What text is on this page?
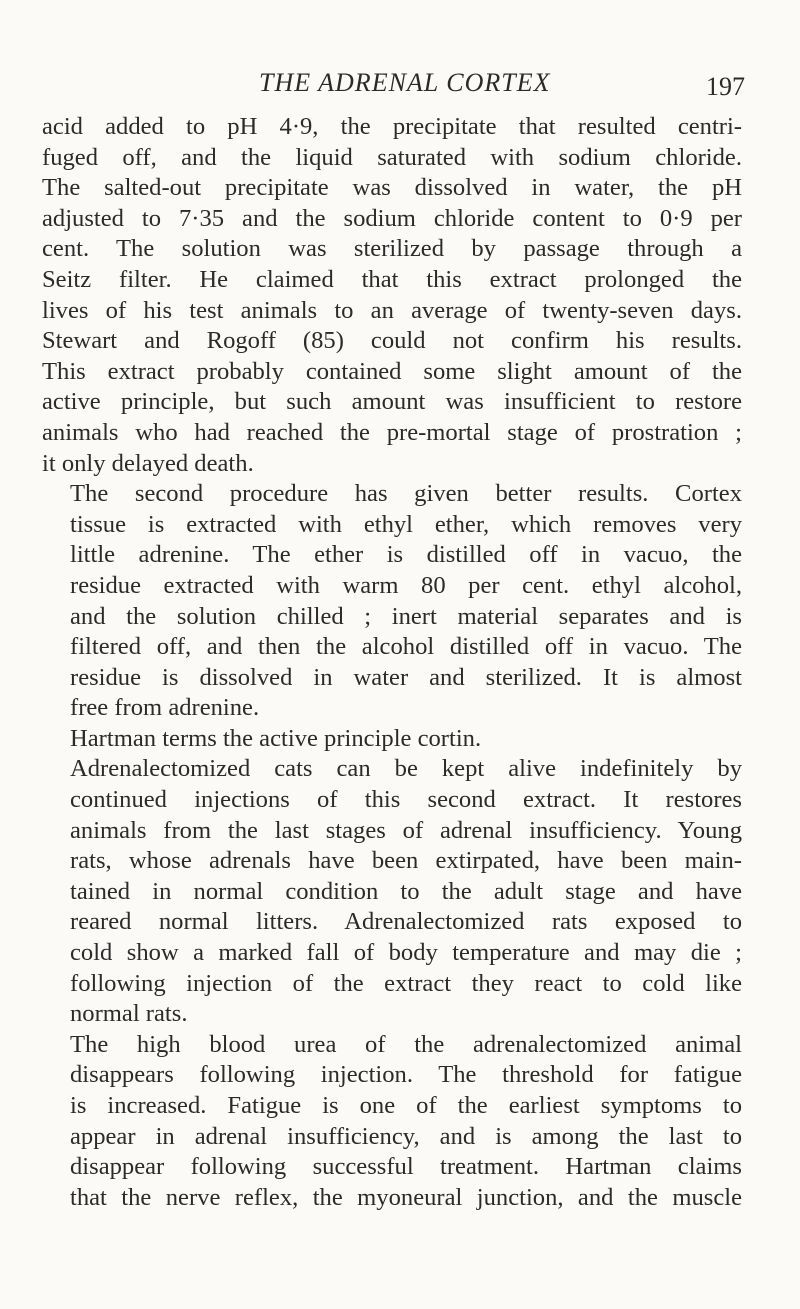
THE ADRENAL CORTEX	197

acid added to pH 4·9, the precipitate that resulted centri-
fuged off, and the liquid saturated with sodium chloride.
The salted-out precipitate was dissolved in water, the pH
adjusted to 7·35 and the sodium chloride content to 0·9 per
cent. The solution was sterilized by passage through a
Seitz filter. He claimed that this extract prolonged the
lives of his test animals to an average of twenty-seven days.
Stewart and Rogoff (85) could not confirm his results.
This extract probably contained some slight amount of the
active principle, but such amount was insufficient to restore
animals who had reached the pre-mortal stage of prostration ;
it only delayed death.

The second procedure has given better results. Cortex
tissue is extracted with ethyl ether, which removes very
little adrenine. The ether is distilled off in vacuo, the
residue extracted with warm 80 per cent. ethyl alcohol,
and the solution chilled ; inert material separates and is
filtered off, and then the alcohol distilled off in vacuo. The
residue is dissolved in water and sterilized. It is almost
free from adrenine.

Hartman terms the active principle cortin.

Adrenalectomized cats can be kept alive indefinitely by
continued injections of this second extract. It restores
animals from the last stages of adrenal insufficiency. Young
rats, whose adrenals have been extirpated, have been main-
tained in normal condition to the adult stage and have
reared normal litters. Adrenalectomized rats exposed to
cold show a marked fall of body temperature and may die ;
following injection of the extract they react to cold like
normal rats.

The high blood urea of the adrenalectomized animal
disappears following injection. The threshold for fatigue
is increased. Fatigue is one of the earliest symptoms to
appear in adrenal insufficiency, and is among the last to
disappear following successful treatment. Hartman claims
that the nerve reflex, the myoneural junction, and the muscle
